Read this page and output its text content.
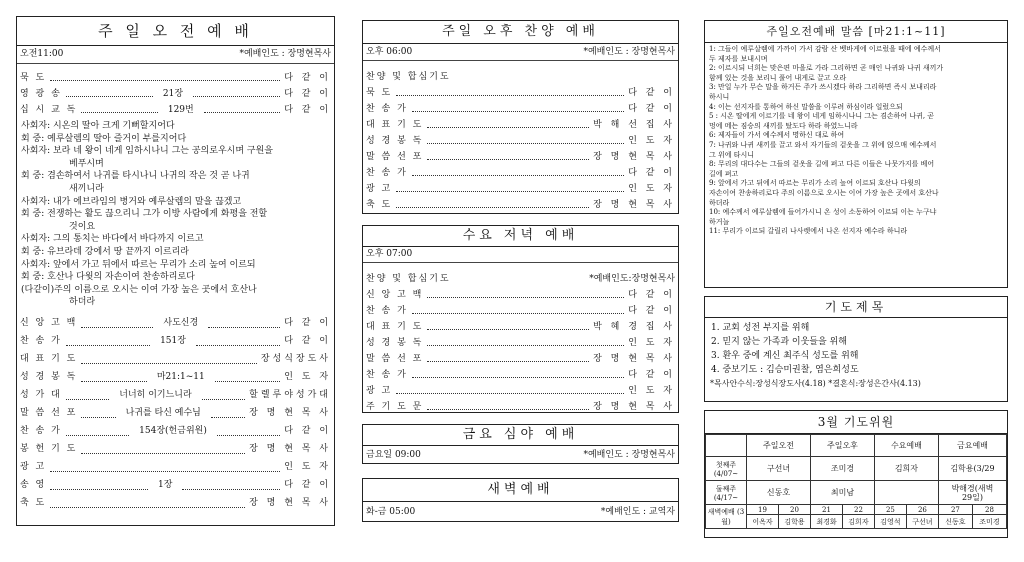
주 일 오 전 예 배
오전11:00	*예배인도 : 장명현목사
묵 도	다 같 이
영 광 송	21장	다 같 이
십 시 교 독	129번	다 같 이
사회자: 시온의 딸아 크게 기뻐할지어다
회 중: 예루살렘의 딸아 즐거이 부를지어다
사회자: 보라 네 왕이 네게 임하시나니 그는 공의로우시며 구원을
베푸시며
회 중: 겸손하여서 나귀를 타시나니 나귀의 작은 것 곧 나귀
새끼니라
사회자: 내가 에브라임의 병거와 예루살렘의 말을 끊겠고
회 중: 전쟁하는 활도 끊으리니 그가 이방 사람에게 화평을 전할
것이요
사회자: 그의 통치는 바다에서 바다까지 이르고
회 중: 유브라데 강에서 땅 끝까지 이르리라
사회자: 앞에서 가고 뒤에서 따르는 무리가 소리 높여 이르되
회 중: 호산나 다윗의 자손이여 찬송하리로다
(다같이)주의 이름으로 오시는 이여 가장 높은 곳에서 호산나
하더라
신 앙 고 백	사도신경	다 같 이
찬 송 가	151장	다 같 이
대 표 기 도	장성식장도사
성 경 봉 독	마21:1~11	인 도 자
성 가 대	너너히 이기느니라	할렐루야성가대
말 씀 선 포	나귀를 타신 예수님	장 명 현 목 사
찬 송 가	154장(헌금위원)	다 같 이
봉 헌 기 도	장 명 현 목 사
광 고	인 도 자
송 영	1장	다 같 이
축 도	장 명 현 목 사
주일 오후 찬양 예배
오후 06:00	*예배인도 : 장명현목사
찬양 및 합심기도
묵 도	다 같 이
찬 송 가	다 같 이
대 표 기 도	박 해 선 집 사
성 경 봉 독	인 도 자
말 씀 선 포	장 명 현 목 사
찬 송 가	다 같 이
광 고	인 도 자
축 도	장 명 현 목 사
수요 저녁 예배
오후 07:00
찬양 및 합심기도	*예배인도:장명현목사
신 앙 고 백	다 같 이
찬 송 가	다 같 이
대 표 기 도	박 혜 경 집 사
성 경 봉 독	인 도 자
말 씀 선 포	장 명 현 목 사
찬 송 가	다 같 이
광 고	인 도 자
주 기 도 문	장 명 현 목 사
금요 심야 예배
금요일 09:00	*예배인도 : 장명현목사
새벽예배
화-금 05:00	*예배인도 : 교역자
주일오전예배 말씀 [마21:1~11]
1: 그들이 예루살렘에 가까이 가서 감람 산 벳바게에 이르렀을 때에 예수께서
두 제자를 보내시며
2: 이르시되 너희는 맞은편 마을로 가라 그리하면 곧 매인 나귀와 나귀 새끼가
함께 있는 것을 보리니 풀어 내게로 끌고 오라
3: 만일 누가 무슨 말을 하거든 주가 쓰시겠다 하라 그리하면 즉시 보내리라
하시니
4: 이는 선지자를 통하여 하신 말씀을 이루려 하심이라 일렀으되
5 : 시온 딸에게 이르기를 네 왕이 네게 임하시나니 그는 겸손하여 나귀, 곧
멍에 메는 짐승의 새끼를 탔도다 하라 하였느니라
6: 제자들이 가서 예수께서 명하신 대로 하여
7: 나귀와 나귀 새끼를 끌고 와서 자기들의 겉옷을 그 위에 얹으매 예수께서
그 위에 타시니
8: 무리의 대다수는 그들의 겉옷을 길에 펴고 다른 이들은 나뭇가지를 베어
길에 펴고
9: 앞에서 가고 뒤에서 따르는 무리가 소리 높여 이르되 호산나 다윗의
자손이여 찬송하리로다 주의 이름으로 오시는 이여 가장 높은 곳에서 호산나
하더라
10: 예수께서 예루살렘에 들어가시니 온 성이 소동하여 이르되 이는 누구냐
하거늘
11: 무리가 이르되 갈릴리 나사렛에서 나온 선지자 예수라 하니라
기도제목
1. 교회 성전 부지를 위해
2. 믿지 않는 가족과 이웃들을 위해
3. 환우 중에 계신 최주식 성도를 위해
4. 중보기도 : 김승미권찰, 염은희성도
3월 기도위원
	주일오전		주일오후		수요예배		금요예배	
첫째주 (4/07~	구선녀		조미경		김희자		김학용(3/29	
둘째주 (4/17~	신동호		최미남				박해경(새벽
29일)	

새벽예배 (3월)	19	20	21	22	25	26	27	28
	이옥자	김학용	최경화	김희자	김영석	구선녀	신동호	조미경
*목사안수식:장성식장도사(4.18) *결혼식:장성은간사(4.13)
